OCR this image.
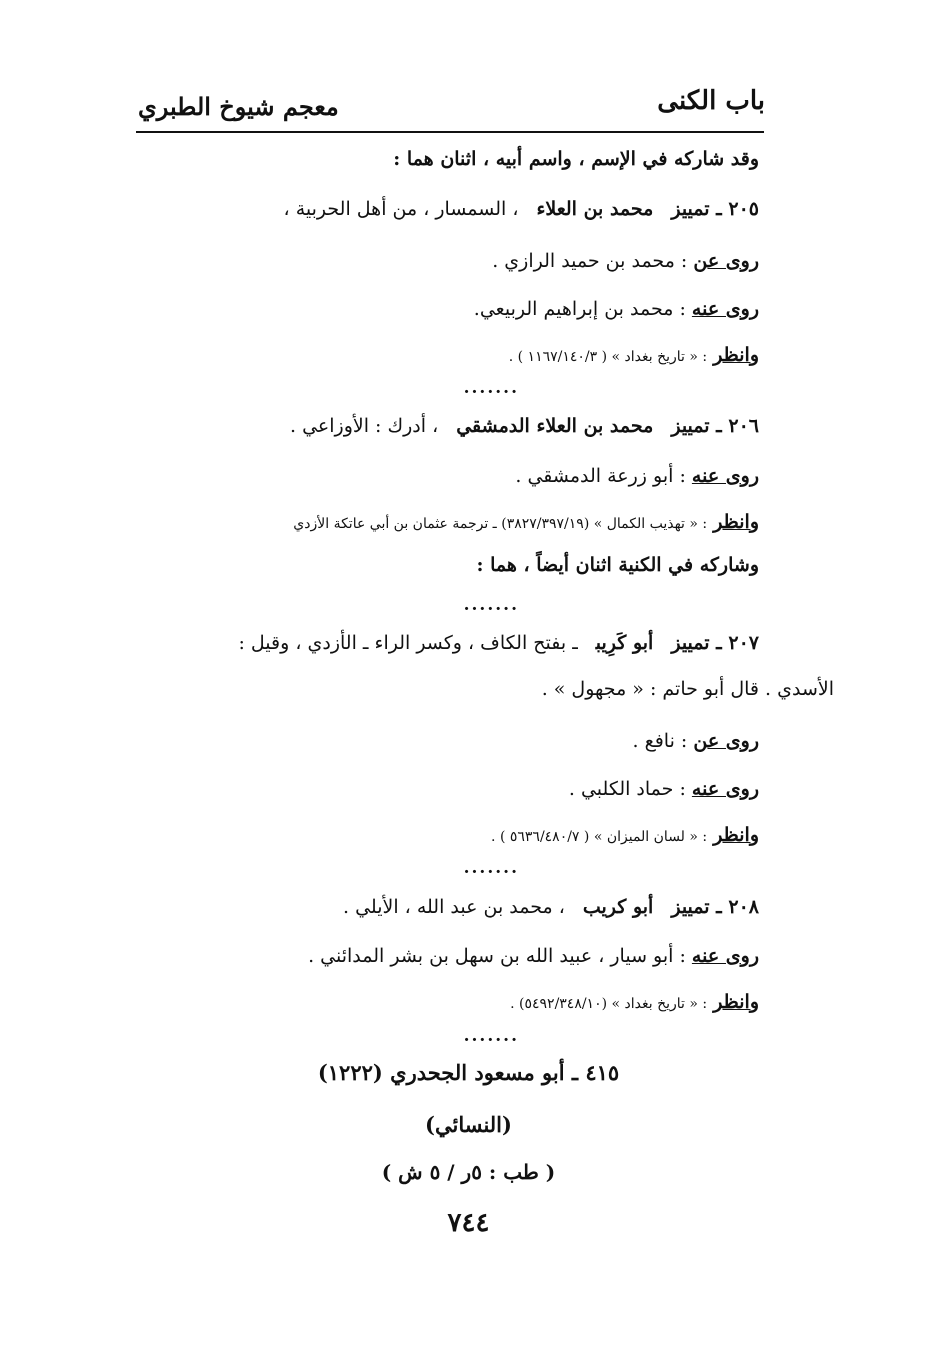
باب الكنى
معجم شيوخ الطبري
وقد شاركه في الإسم ، واسم أبيه ، اثنان هما :
٢٠٥ ـ تمييزمحمد بن العلاء، السمسار ، من أهل الحربية ،
روى عن : محمد بن حميد الرازي .
روى عنه : محمد بن إبراهيم الربيعي.
وانظر : « تاريخ بغداد » ( ١١٦٧/١٤٠/٣ ) .
.......
٢٠٦ ـ تمييزمحمد بن العلاء الدمشقي، أدرك : الأوزاعي .
روى عنه : أبو زرعة الدمشقي .
وانظر : « تهذيب الكمال » (٣٨٢٧/٣٩٧/١٩) ـ ترجمة عثمان بن أبي عاتكة الأزدي
وشاركه في الكنية اثنان أيضاً ، هما :
.......
٢٠٧ ـ تمييزأبو كَرِيبـ بفتح الكاف ، وكسر الراء ـ الأزدي ، وقيل :
الأسدي . قال أبو حاتم : « مجهول » .
روى عن : نافع .
روى عنه : حماد الكلبي .
وانظر : « لسان الميزان » ( ٥٦٣٦/٤٨٠/٧ ) .
.......
٢٠٨ ـ تمييزأبو كريب، محمد بن عبد الله ، الأيلي .
روى عنه : أبو سيار ، عبيد الله بن سهل بن بشر المدائني .
وانظر : « تاريخ بغداد » (٥٤٩٢/٣٤٨/١٠) .
.......
٤١٥ ـ أبو مسعود الجحدري (١٢٢٢)
(النسائي)
( طب : ٥ر / ٥ ش )
٧٤٤
